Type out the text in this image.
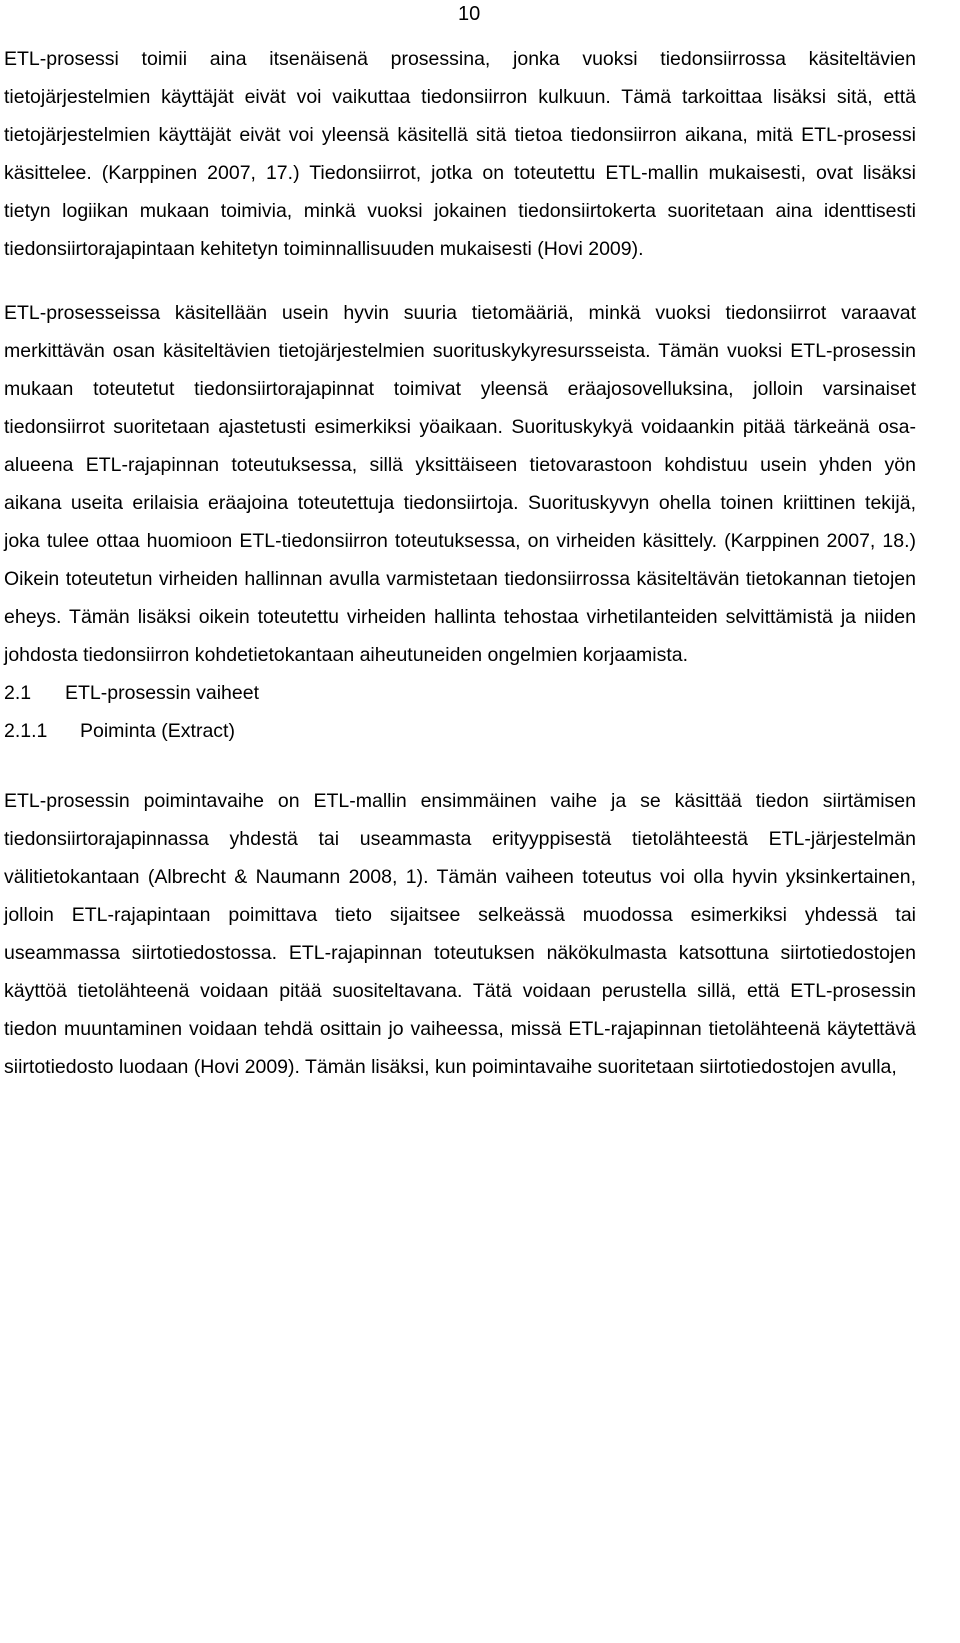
10

ETL-prosessi toimii aina itsenäisenä prosessina, jonka vuoksi tiedonsiirrossa käsiteltävien tietojärjestelmien käyttäjät eivät voi vaikuttaa tiedonsiirron kulkuun. Tämä tarkoittaa lisäksi sitä, että tietojärjestelmien käyttäjät eivät voi yleensä käsitellä sitä tietoa tiedonsiirron aikana, mitä ETL-prosessi käsittelee. (Karppinen 2007, 17.) Tiedonsiirrot, jotka on toteutettu ETL-mallin mukaisesti, ovat lisäksi tietyn logiikan mukaan toimivia, minkä vuoksi jokainen tiedonsiirtokerta suoritetaan aina identtisesti tiedonsiirtorajapintaan kehitetyn toiminnallisuuden mukaisesti (Hovi 2009).

ETL-prosesseissa käsitellään usein hyvin suuria tietomääriä, minkä vuoksi tiedonsiirrot varaavat merkittävän osan käsiteltävien tietojärjestelmien suorituskykyresursseista. Tämän vuoksi ETL-prosessin mukaan toteutetut tiedonsiirtorajapinnat toimivat yleensä eräajosovelluksina, jolloin varsinaiset tiedonsiirrot suoritetaan ajastetusti esimerkiksi yöaikaan. Suorituskykyä voidaankin pitää tärkeänä osa-alueena ETL-rajapinnan toteutuksessa, sillä yksittäiseen tietovarastoon kohdistuu usein yhden yön aikana useita erilaisia eräajoina toteutettuja tiedonsiirtoja. Suorituskyvyn ohella toinen kriittinen tekijä, joka tulee ottaa huomioon ETL-tiedonsiirron toteutuksessa, on virheiden käsittely. (Karppinen 2007, 18.) Oikein toteutetun virheiden hallinnan avulla varmistetaan tiedonsiirrossa käsiteltävän tietokannan tietojen eheys. Tämän lisäksi oikein toteutettu virheiden hallinta tehostaa virhetilanteiden selvittämistä ja niiden johdosta tiedonsiirron kohdetietokantaan aiheutuneiden ongelmien korjaamista.

2.1	ETL-prosessin vaiheet
2.1.1	Poiminta (Extract)

ETL-prosessin poimintavaihe on ETL-mallin ensimmäinen vaihe ja se käsittää tiedon siirtämisen tiedonsiirtorajapinnassa yhdestä tai useammasta erityyppisestä tietolähteestä ETL-järjestelmän välitietokantaan (Albrecht & Naumann 2008, 1). Tämän vaiheen toteutus voi olla hyvin yksinkertainen, jolloin ETL-rajapintaan poimittava tieto sijaitsee selkeässä muodossa esimerkiksi yhdessä tai useammassa siirtotiedostossa. ETL-rajapinnan toteutuksen näkökulmasta katsottuna siirtotiedostojen käyttöä tietolähteenä voidaan pitää suositeltavana. Tätä voidaan perustella sillä, että ETL-prosessin tiedon muuntaminen voidaan tehdä osittain jo vaiheessa, missä ETL-rajapinnan tietolähteenä käytettävä siirtotiedosto luodaan (Hovi 2009). Tämän lisäksi, kun poimintavaihe suoritetaan siirtotiedostojen avulla,
